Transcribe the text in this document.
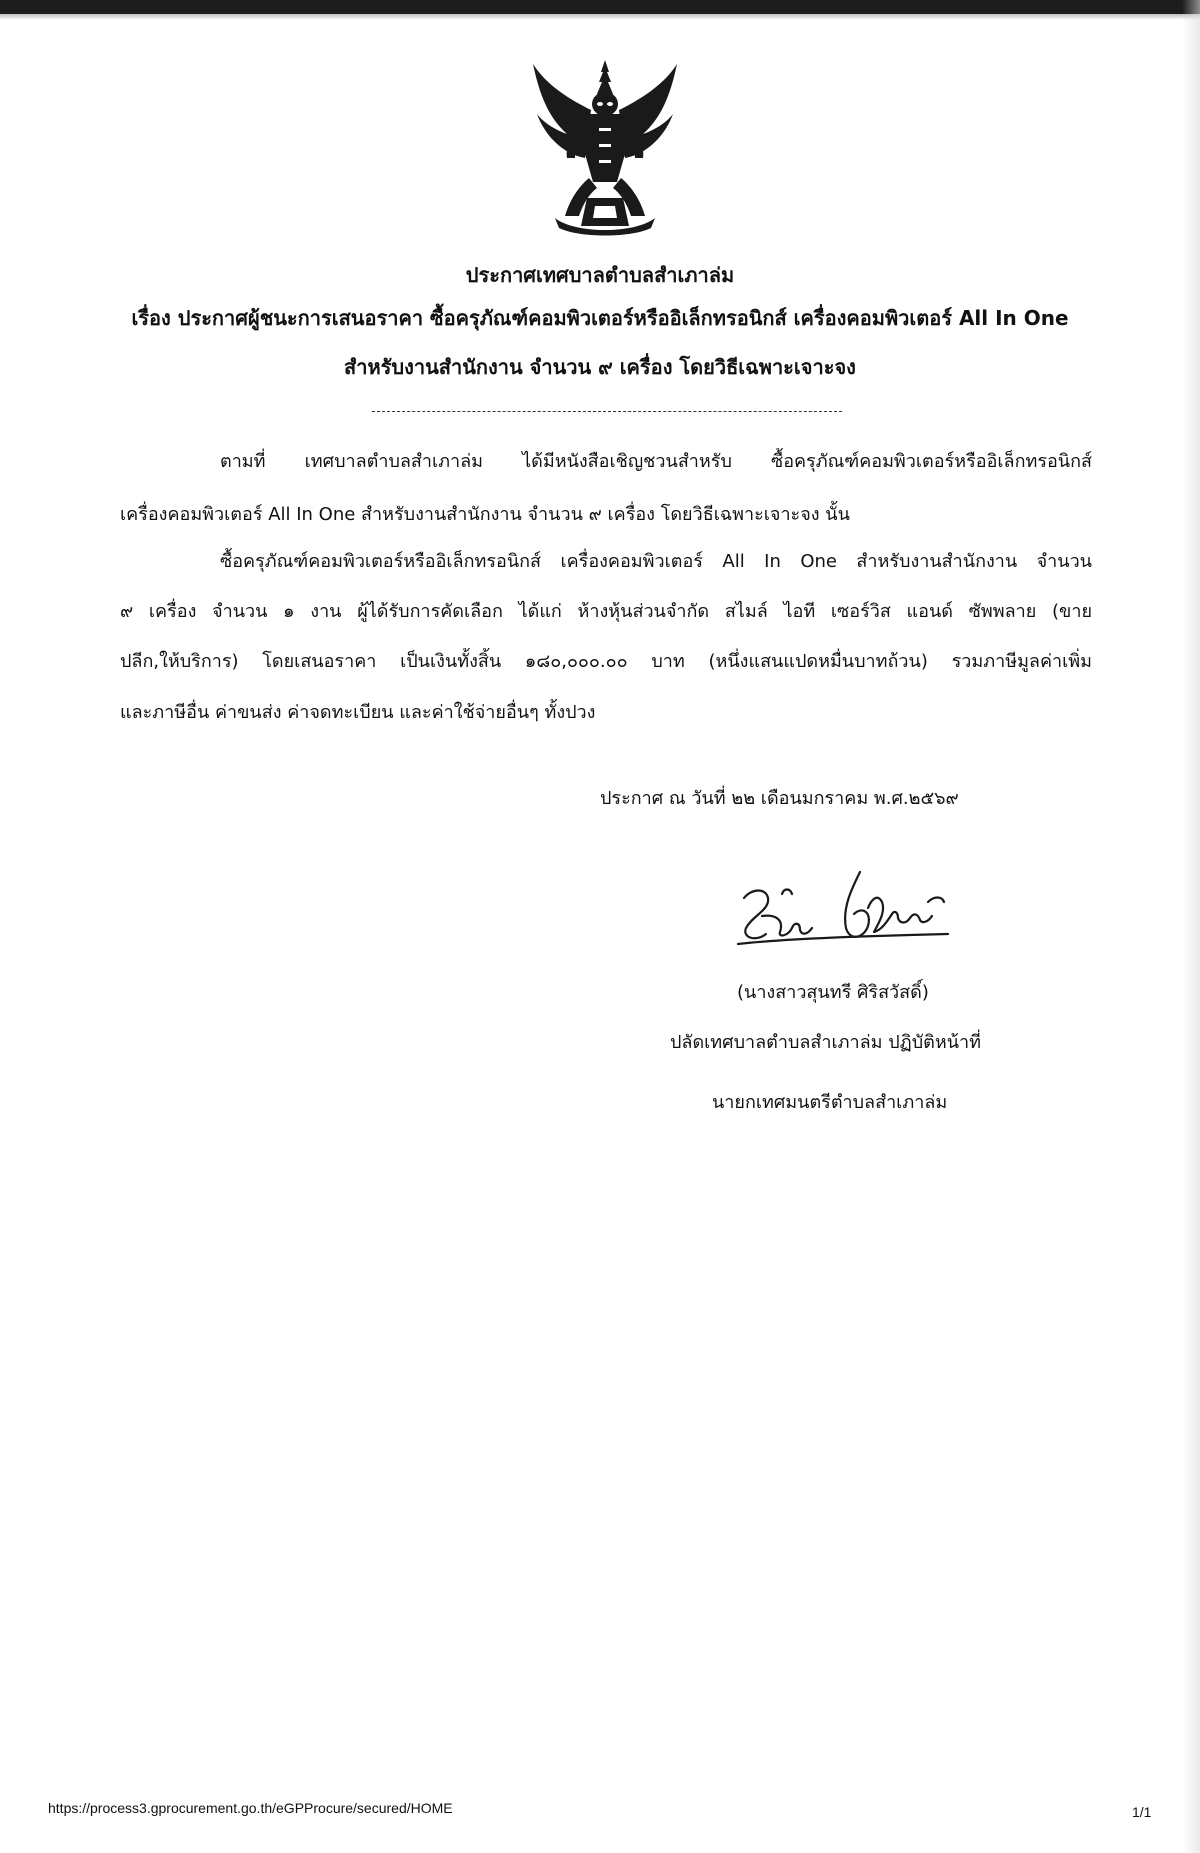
ประกาศเทศบาลตำบลสำเภาล่ม
เรื่อง ประกาศผู้ชนะการเสนอราคา ซื้อครุภัณฑ์คอมพิวเตอร์หรืออิเล็กทรอนิกส์ เครื่องคอมพิวเตอร์ All In One
สำหรับงานสำนักงาน จำนวน ๙ เครื่อง โดยวิธีเฉพาะเจาะจง
ตามที่ เทศบาลตำบลสำเภาล่ม ได้มีหนังสือเชิญชวนสำหรับ ซื้อครุภัณฑ์คอมพิวเตอร์หรืออิเล็กทรอนิกส์
เครื่องคอมพิวเตอร์ All In One สำหรับงานสำนักงาน จำนวน ๙ เครื่อง โดยวิธีเฉพาะเจาะจง นั้น
ซื้อครุภัณฑ์คอมพิวเตอร์หรืออิเล็กทรอนิกส์ เครื่องคอมพิวเตอร์ All In One สำหรับงานสำนักงาน จำนวน
๙ เครื่อง จำนวน ๑ งาน ผู้ได้รับการคัดเลือก ได้แก่ ห้างหุ้นส่วนจำกัด สไมล์ ไอที เซอร์วิส แอนด์ ซัพพลาย (ขาย
ปลีก,ให้บริการ) โดยเสนอราคา เป็นเงินทั้งสิ้น ๑๘๐,๐๐๐.๐๐ บาท (หนึ่งแสนแปดหมื่นบาทถ้วน) รวมภาษีมูลค่าเพิ่ม
และภาษีอื่น ค่าขนส่ง ค่าจดทะเบียน และค่าใช้จ่ายอื่นๆ ทั้งปวง
ประกาศ ณ วันที่ ๒๒ เดือนมกราคม พ.ศ.๒๕๖๙
(นางสาวสุนทรี ศิริสวัสดิ์)
ปลัดเทศบาลตำบลสำเภาล่ม ปฏิบัติหน้าที่
นายกเทศมนตรีตำบลสำเภาล่ม
https://process3.gprocurement.go.th/eGPProcure/secured/HOME	1/1
